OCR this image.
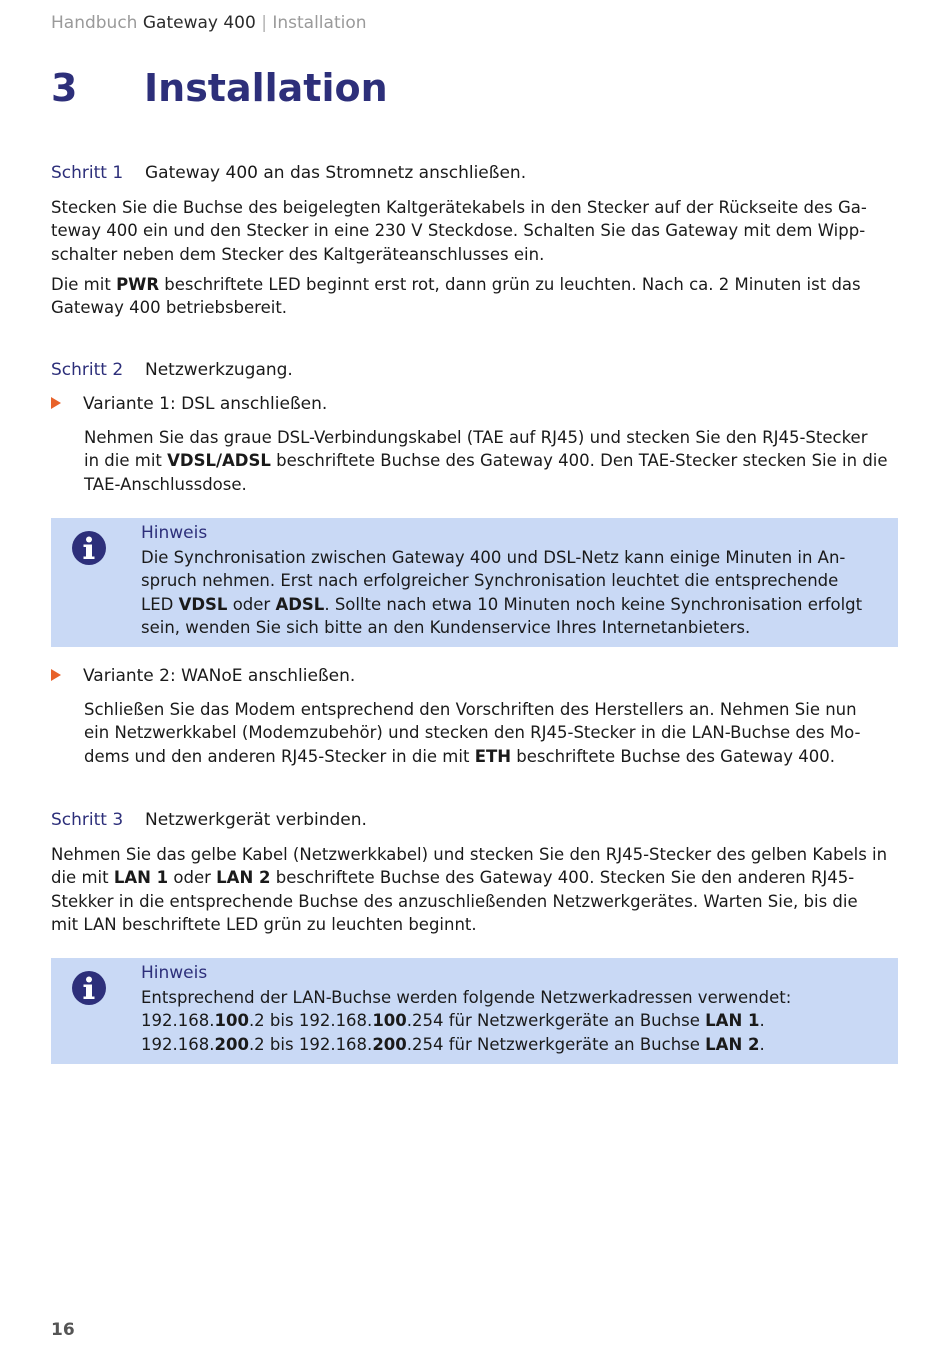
Handbuch Gateway 400 | Installation
3 Installation
Schritt 1 Gateway 400 an das Stromnetz anschließen.
Stecken Sie die Buchse des beigelegten Kaltgerätekabels in den Stecker auf der Rückseite des Ga-
teway 400 ein und den Stecker in eine 230 V Steckdose. Schalten Sie das Gateway mit dem Wipp-
schalter neben dem Stecker des Kaltgeräteanschlusses ein.
Die mit PWR beschriftete LED beginnt erst rot, dann grün zu leuchten. Nach ca. 2 Minuten ist das
Gateway 400 betriebsbereit.
Schritt 2 Netzwerkzugang.
Variante 1: DSL anschließen.
Nehmen Sie das graue DSL-Verbindungskabel (TAE auf RJ45) und stecken Sie den RJ45-Stecker
in die mit VDSL/ADSL beschriftete Buchse des Gateway 400. Den TAE-Stecker stecken Sie in die
TAE-Anschlussdose.
Hinweis
Die Synchronisation zwischen Gateway 400 und DSL-Netz kann einige Minuten in An-
spruch nehmen. Erst nach erfolgreicher Synchronisation leuchtet die entsprechende
LED VDSL oder ADSL. Sollte nach etwa 10 Minuten noch keine Synchronisation erfolgt
sein, wenden Sie sich bitte an den Kundenservice Ihres Internetanbieters.
Variante 2: WANoE anschließen.
Schließen Sie das Modem entsprechend den Vorschriften des Herstellers an. Nehmen Sie nun
ein Netzwerkkabel (Modemzubehör) und stecken den RJ45-Stecker in die LAN-Buchse des Mo-
dems und den anderen RJ45-Stecker in die mit ETH beschriftete Buchse des Gateway 400.
Schritt 3 Netzwerkgerät verbinden.
Nehmen Sie das gelbe Kabel (Netzwerkkabel) und stecken Sie den RJ45-Stecker des gelben Kabels in
die mit LAN 1 oder LAN 2 beschriftete Buchse des Gateway 400. Stecken Sie den anderen RJ45-
Stekker in die entsprechende Buchse des anzuschließenden Netzwerkgerätes. Warten Sie, bis die
mit LAN beschriftete LED grün zu leuchten beginnt.
Hinweis
Entsprechend der LAN-Buchse werden folgende Netzwerkadressen verwendet:
192.168.100.2 bis 192.168.100.254 für Netzwerkgeräte an Buchse LAN 1.
192.168.200.2 bis 192.168.200.254 für Netzwerkgeräte an Buchse LAN 2.
16
